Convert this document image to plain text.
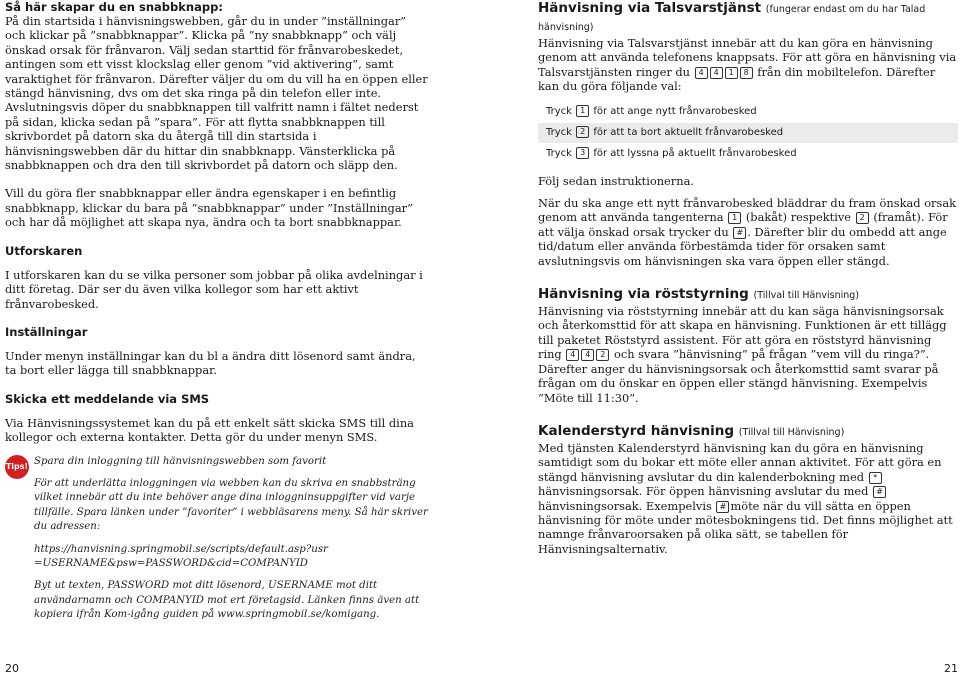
Så här skapar du en snabbknapp:

På din startsida i hänvisningswebben, går du in under ”inställningar” och klickar på ”snabbknappar”. Klicka på ”ny snabbknapp” och välj önskad orsak för frånvaron. Välj sedan starttid för frånvarobeskedet, antingen som ett visst klockslag eller genom ”vid aktivering”, samt varaktighet för frånvaron. Därefter väljer du om du vill ha en öppen eller stängd hänvisning, dvs om det ska ringa på din telefon eller inte. Avslutningsvis döper du snabbknappen till valfritt namn i fältet nederst på sidan, klicka sedan på ”spara”. För att flytta snabbknappen till skrivbordet på datorn ska du återgå till din startsida i hänvisningswebben där du hittar din snabbknapp. Vänsterklicka på snabbknappen och dra den till skrivbordet på datorn och släpp den.

Vill du göra fler snabbknappar eller ändra egenskaper i en befintlig snabbknapp, klickar du bara på ”snabbknappar” under ”Inställningar” och har då möjlighet att skapa nya, ändra och ta bort snabbknappar.

Utforskaren

I utforskaren kan du se vilka personer som jobbar på olika avdelningar i ditt företag. Där ser du även vilka kollegor som har ett aktivt frånvarobesked.

Inställningar

Under menyn inställningar kan du bl a ändra ditt lösenord samt ändra, ta bort eller lägga till snabbknappar.

Skicka ett meddelande via SMS

Via Hänvisningssystemet kan du på ett enkelt sätt skicka SMS till dina kollegor och externa kontakter. Detta gör du under menyn SMS.

Tips! Spara din inloggning till hänvisningswebben som favorit

För att underlätta inloggningen via webben kan du skriva en snabbsträng vilket innebär att du inte behöver ange dina inloggninsuppgifter vid varje tillfälle. Spara länken under ”favoriter” i webbläsarens meny. Så här skriver du adressen:

https://hanvisning.springmobil.se/scripts/default.asp?usr=USERNAME&psw=PASSWORD&cid=COMPANYID

Byt ut texten, PASSWORD mot ditt lösenord, USERNAME mot ditt användarnamn och COMPANYID mot ert företagsid. Länken finns även att kopiera ifrån Kom-igång guiden på www.springmobil.se/komigang.

20
Hänvisning via Talsvarstjänst (fungerar endast om du har Talad hänvisning)

Hänvisning via Talsvarstjänst innebär att du kan göra en hänvisning genom att använda telefonens knappsats. För att göra en hänvisning via Talsvarstjänsten ringer du 4 4 1 8 från din mobiltelefon. Därefter kan du göra följande val:

Tryck 1 för att ange nytt frånvarobesked
Tryck 2 för att ta bort aktuellt frånvarobesked
Tryck 3 för att lyssna på aktuellt frånvarobesked

Följ sedan instruktionerna.

När du ska ange ett nytt frånvarobesked bläddrar du fram önskad orsak genom att använda tangenterna 1 (bakåt) respektive 2 (framåt). För att välja önskad orsak trycker du # . Därefter blir du ombedd att ange tid/datum eller använda förbestämda tider för orsaken samt avslutningsvis om hänvisningen ska vara öppen eller stängd.

Hänvisning via röststyrning (Tillval till Hänvisning)

Hänvisning via röststyrning innebär att du kan säga hänvisningsorsak och återkomsttid för att skapa en hänvisning. Funktionen är ett tillägg till paketet Röststyrd assistent. För att göra en röststyrd hänvisning ring 4 4 2 och svara ”hänvisning” på frågan ”vem vill du ringa?”. Därefter anger du hänvisningsorsak och återkomsttid samt svarar på frågan om du önskar en öppen eller stängd hänvisning. Exempelvis ”Möte till 11:30”.

Kalenderstyrd hänvisning (Tillval till Hänvisning)

Med tjänsten Kalenderstyrd hänvisning kan du göra en hänvisning samtidigt som du bokar ett möte eller annan aktivitet. För att göra en stängd hänvisning avslutar du din kalenderbokning med *hänvisningsorsak. För öppen hänvisning avslutar du med #hänvisningsorsak. Exempelvis # möte när du vill sätta en öppen hänvisning för möte under mötesbokningens tid. Det finns möjlighet att namnge frånvaroorsaken på olika sätt, se tabellen för Hänvisningsalternativ.

21
